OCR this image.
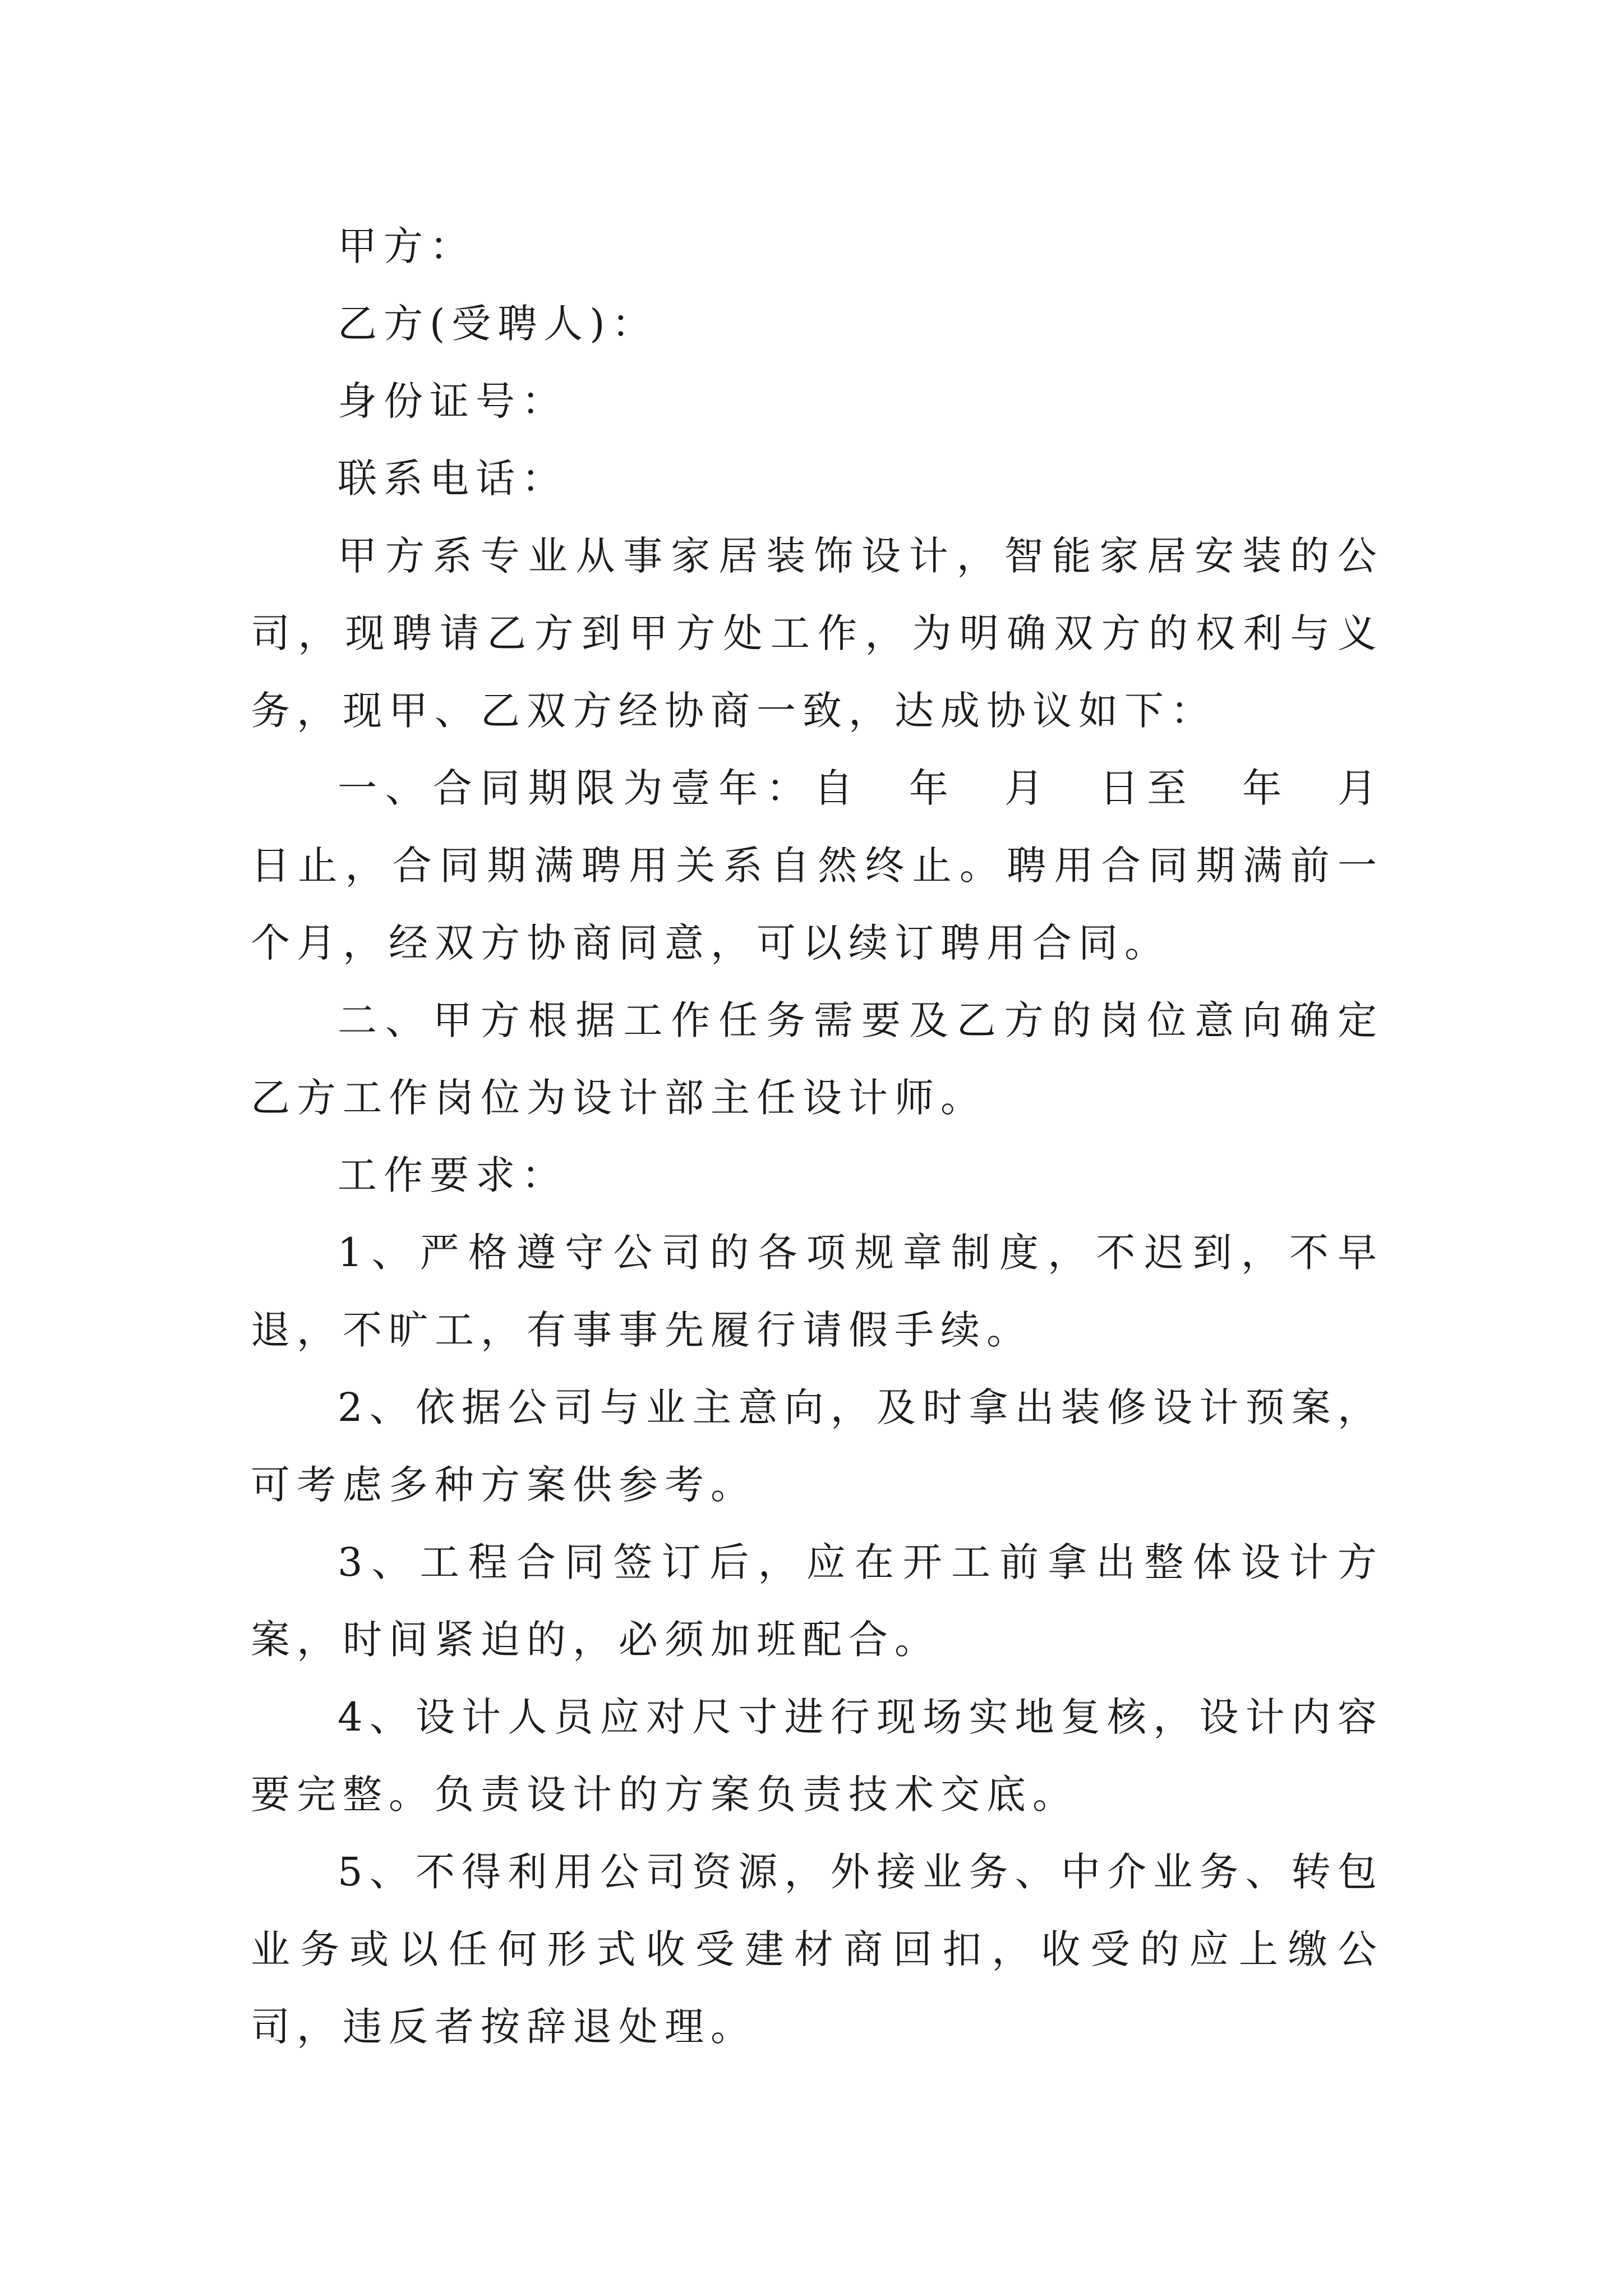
甲方：

乙方(受聘人)：

身份证号：

联系电话：

甲方系专业从事家居装饰设计，智能家居安装的公司，现聘请乙方到甲方处工作，为明确双方的权利与义务，现甲、乙双方经协商一致，达成协议如下：

一、合同期限为壹年：自　年　月　日至　年　月　日止，合同期满聘用关系自然终止。聘用合同期满前一个月，经双方协商同意，可以续订聘用合同。

二、甲方根据工作任务需要及乙方的岗位意向确定乙方工作岗位为设计部主任设计师。

工作要求：

1、严格遵守公司的各项规章制度，不迟到，不早退，不旷工，有事事先履行请假手续。

2、依据公司与业主意向，及时拿出装修设计预案，可考虑多种方案供参考。

3、工程合同签订后，应在开工前拿出整体设计方案，时间紧迫的，必须加班配合。

4、设计人员应对尺寸进行现场实地复核，设计内容要完整。负责设计的方案负责技术交底。

5、不得利用公司资源，外接业务、中介业务、转包业务或以任何形式收受建材商回扣，收受的应上缴公司，违反者按辞退处理。
